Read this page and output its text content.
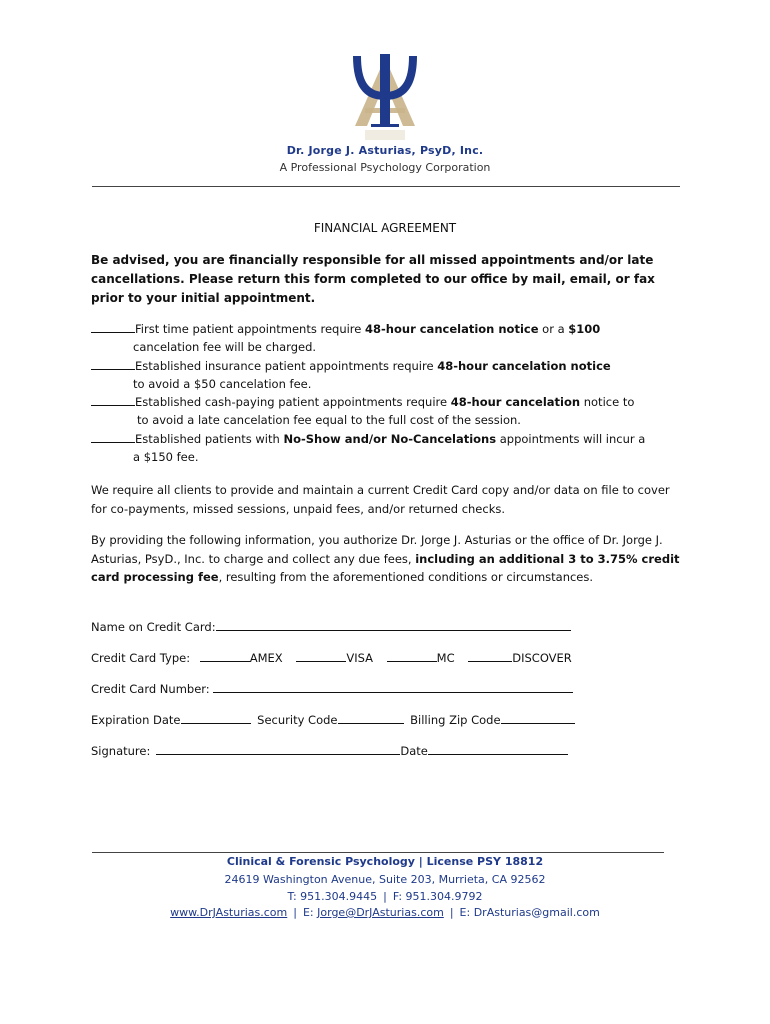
Dr. Jorge J. Asturias, PsyD, Inc.
A Professional Psychology Corporation
FINANCIAL AGREEMENT
Be advised, you are financially responsible for all missed appointments and/or late cancellations. Please return this form completed to our office by mail, email, or fax prior to your initial appointment.
First time patient appointments require 48-hour cancelation notice or a $100
cancelation fee will be charged.
Established insurance patient appointments require 48-hour cancelation notice
to avoid a $50 cancelation fee.
Established cash-paying patient appointments require 48-hour cancelation notice to
to avoid a late cancelation fee equal to the full cost of the session.
Established patients with No-Show and/or No-Cancelations appointments will incur a
a $150 fee.
We require all clients to provide and maintain a current Credit Card copy and/or data on file to cover for co-payments, missed sessions, unpaid fees, and/or returned checks.
By providing the following information, you authorize Dr. Jorge J. Asturias or the office of Dr. Jorge J. Asturias, PsyD., Inc. to charge and collect any due fees, including an additional 3 to 3.75% credit card processing fee, resulting from the aforementioned conditions or circumstances.
Name on Credit Card:
Credit Card Type:	AMEX	VISA	MC	DISCOVER
Credit Card Number:
Expiration Date	Security Code	Billing Zip Code
Signature:	Date
Clinical & Forensic Psychology | License PSY 18812
24619 Washington Avenue, Suite 203, Murrieta, CA 92562
T: 951.304.9445 | F: 951.304.9792
www.DrJAsturias.com | E: Jorge@DrJAsturias.com | E: DrAsturias@gmail.com
